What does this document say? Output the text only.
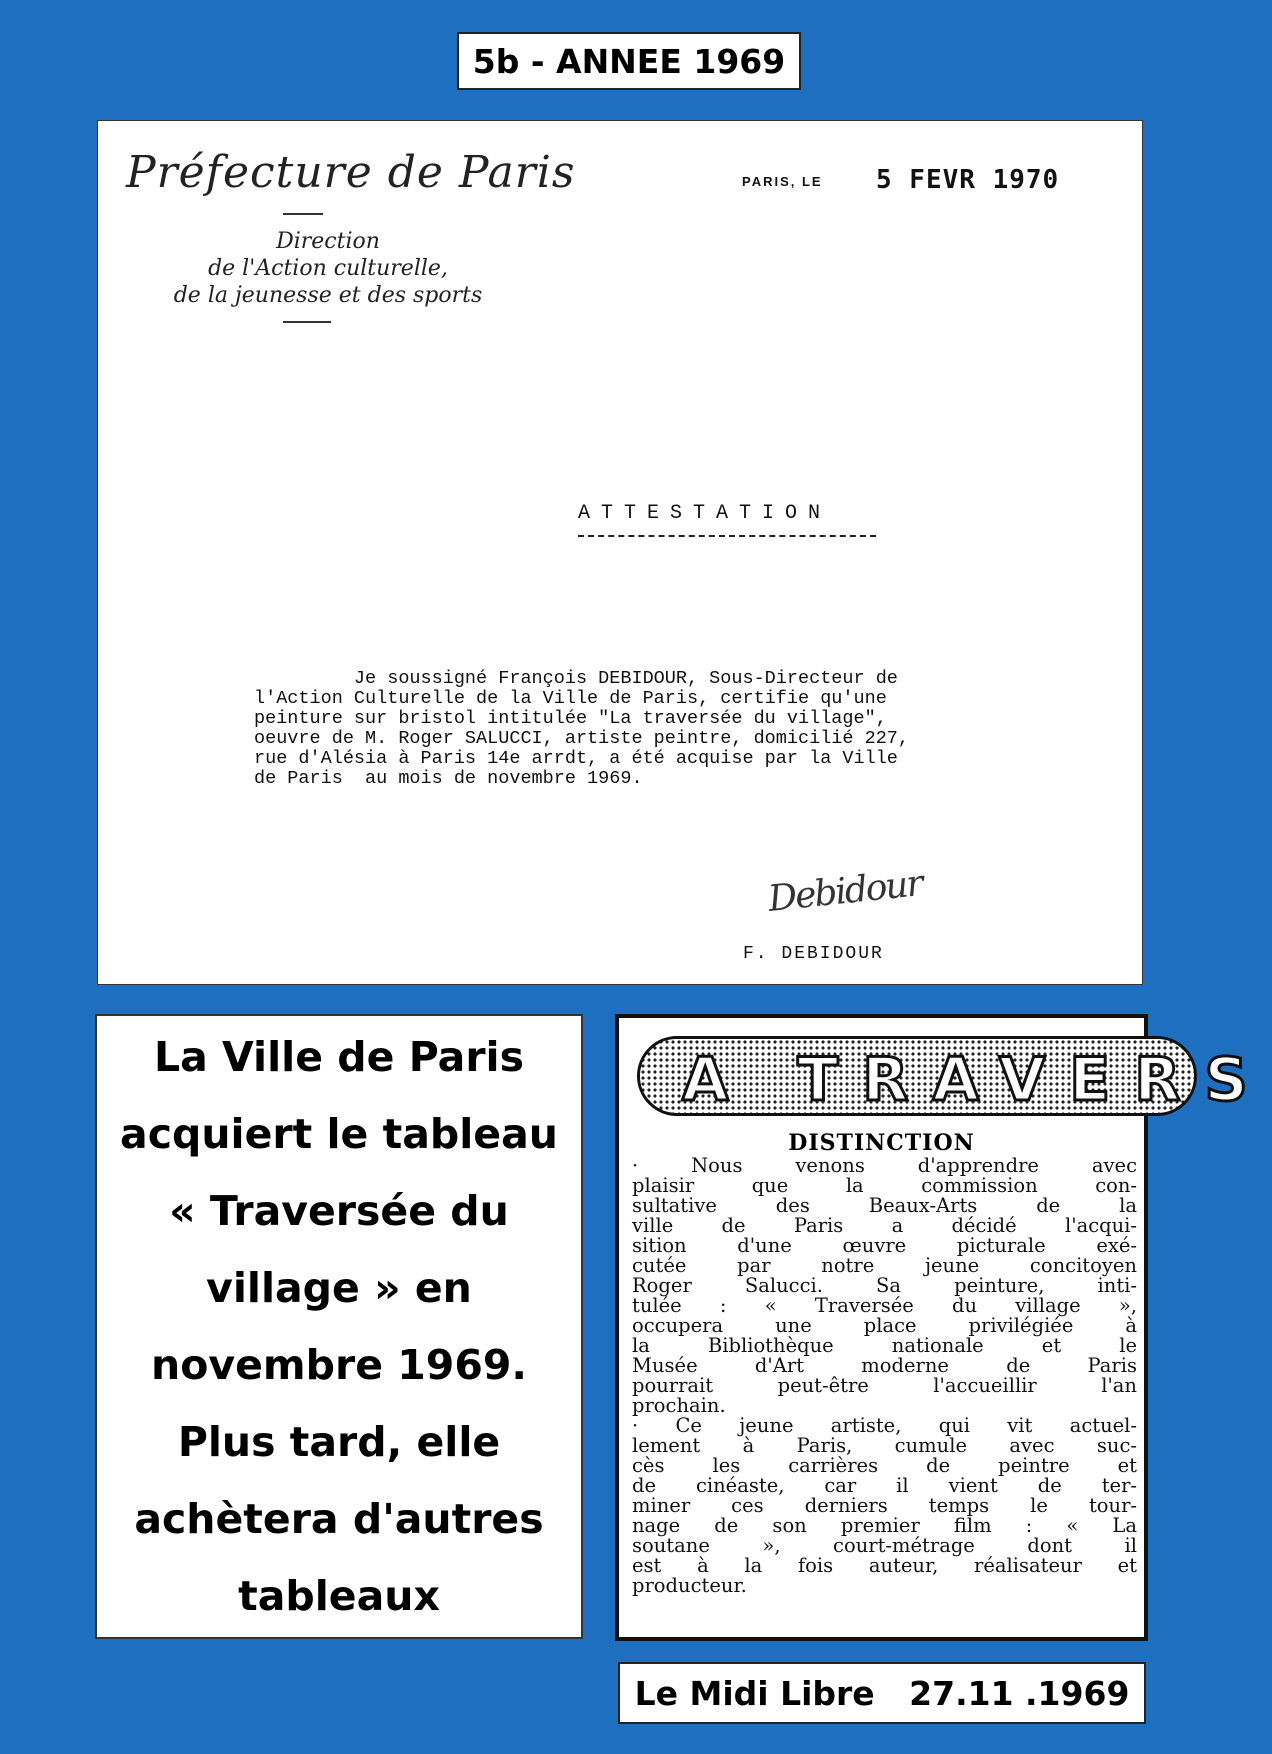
5b - ANNEE 1969
Préfecture de Paris
Direction
de l'Action culturelle,
de la jeunesse et des sports
PARIS, LE 5 FEVR 1970
ATTESTATION
Je soussigné François DEBIDOUR, Sous-Directeur de
l'Action Culturelle de la Ville de Paris, certifie qu'une
peinture sur bristol intitulée "La traversée du village",
oeuvre de M. Roger SALUCCI, artiste peintre, domicilié 227,
rue d'Alésia à Paris 14e arrdt, a été acquise par la Ville
de Paris  au mois de novembre 1969.
Debidour
F. DEBIDOUR
La Ville de Paris
acquiert le tableau
« Traversée du
village » en
novembre 1969.
Plus tard, elle
achètera d'autres
tableaux
A TRAVERS
DISTINCTION
· Nous venons d'apprendre avec
plaisir que la commission con-
sultative des Beaux-Arts de la
ville de Paris a décidé l'acqui-
sition d'une œuvre picturale exé-
cutée par notre jeune concitoyen
Roger Salucci. Sa peinture, inti-
tulée : « Traversée du village »,
occupera une place privilégiée à
la Bibliothèque nationale et le
Musée d'Art moderne de Paris
pourrait peut-être l'accueillir l'an
prochain.
· Ce jeune artiste, qui vit actuel-
lement à Paris, cumule avec suc-
cès les carrières de peintre et
de cinéaste, car il vient de ter-
miner ces derniers temps le tour-
nage de son premier film : « La
soutane », court-métrage dont il
est à la fois auteur, réalisateur et
producteur.
Le Midi Libre   27.11 .1969
